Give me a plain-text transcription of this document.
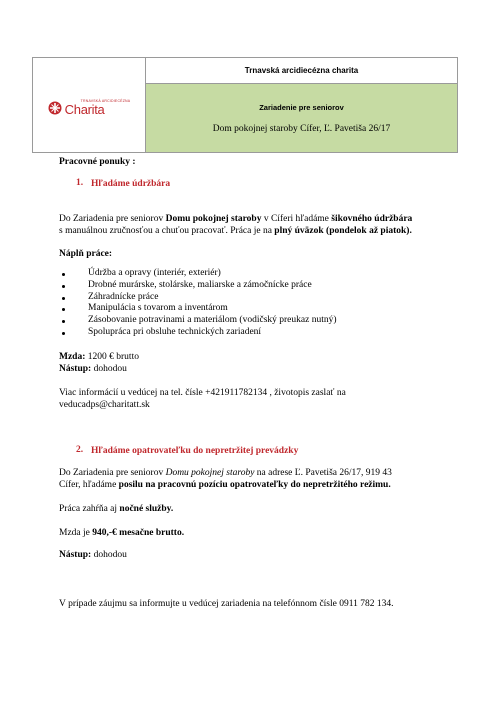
TRNAVSKÁ ARCIDIECÉZNA
Charita
Trnavská arcidiecézna charita
Zariadenie pre seniorov
Dom pokojnej staroby Cífer, Ľ. Pavetiša 26/17
Pracovné ponuky :
1. Hľadáme údržbára
Do Zariadenia pre seniorov Domu pokojnej staroby v Cíferi hľadáme šikovného údržbára
s manuálnou zručnosťou a chuťou pracovať. Práca je na plný úväzok (pondelok až piatok).
Náplň práce:
Údržba a opravy (interiér, exteriér)
Drobné murárske, stolárske, maliarske a zámočnícke práce
Záhradnícke práce
Manipulácia s tovarom a inventárom
Zásobovanie potravinami a materiálom (vodičský preukaz nutný)
Spolupráca pri obsluhe technických zariadení
Mzda: 1200 € brutto
Nástup: dohodou
Viac informácií u vedúcej na tel. čísle +421911782134 , životopis zaslať na
veducadps@charitatt.sk
2. Hľadáme opatrovateľku do nepretržitej prevádzky
Do Zariadenia pre seniorov Domu pokojnej staroby na adrese Ľ. Pavetiša 26/17, 919 43
Cífer, hľadáme posilu na pracovnú pozíciu opatrovateľky do nepretržitého režimu.
Práca zahŕňa aj nočné služby.
Mzda je 940,-€ mesačne brutto.
Nástup: dohodou
V prípade záujmu sa informujte u vedúcej zariadenia na telefónnom čísle 0911 782 134.
